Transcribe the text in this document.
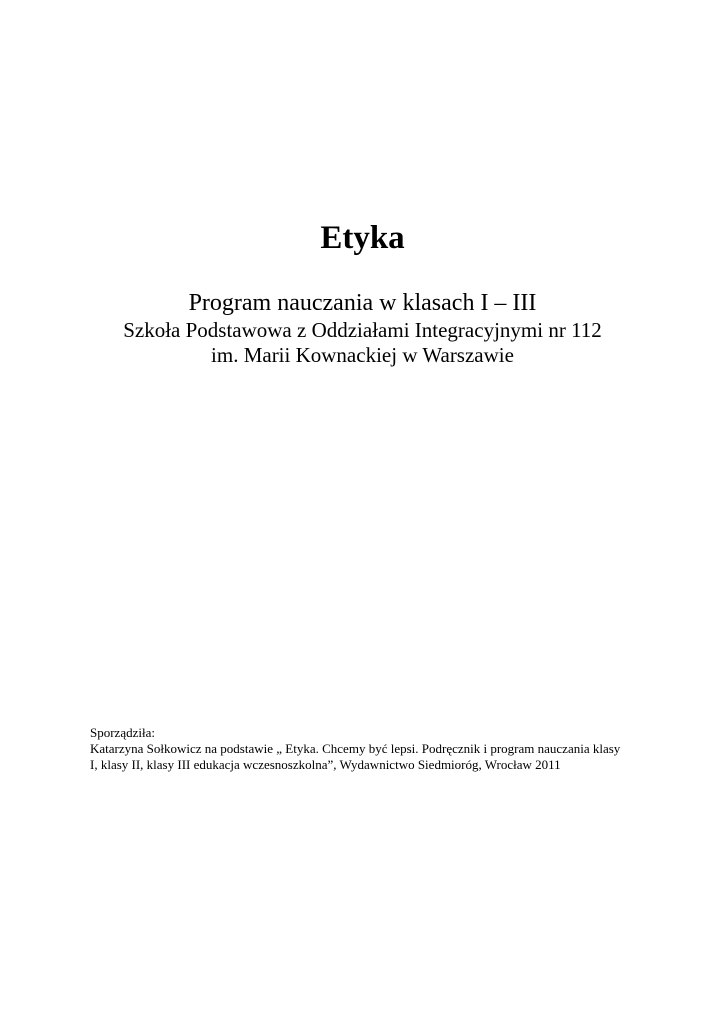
Etyka
Program nauczania w klasach I – III
Szkoła Podstawowa z Oddziałami Integracyjnymi nr 112
im. Marii Kownackiej w Warszawie
Sporządziła:
Katarzyna Sołkowicz na podstawie „ Etyka. Chcemy być lepsi. Podręcznik i program nauczania klasy
I, klasy II, klasy III edukacja wczesnoszkolna”, Wydawnictwo Siedmioróg, Wrocław 2011
